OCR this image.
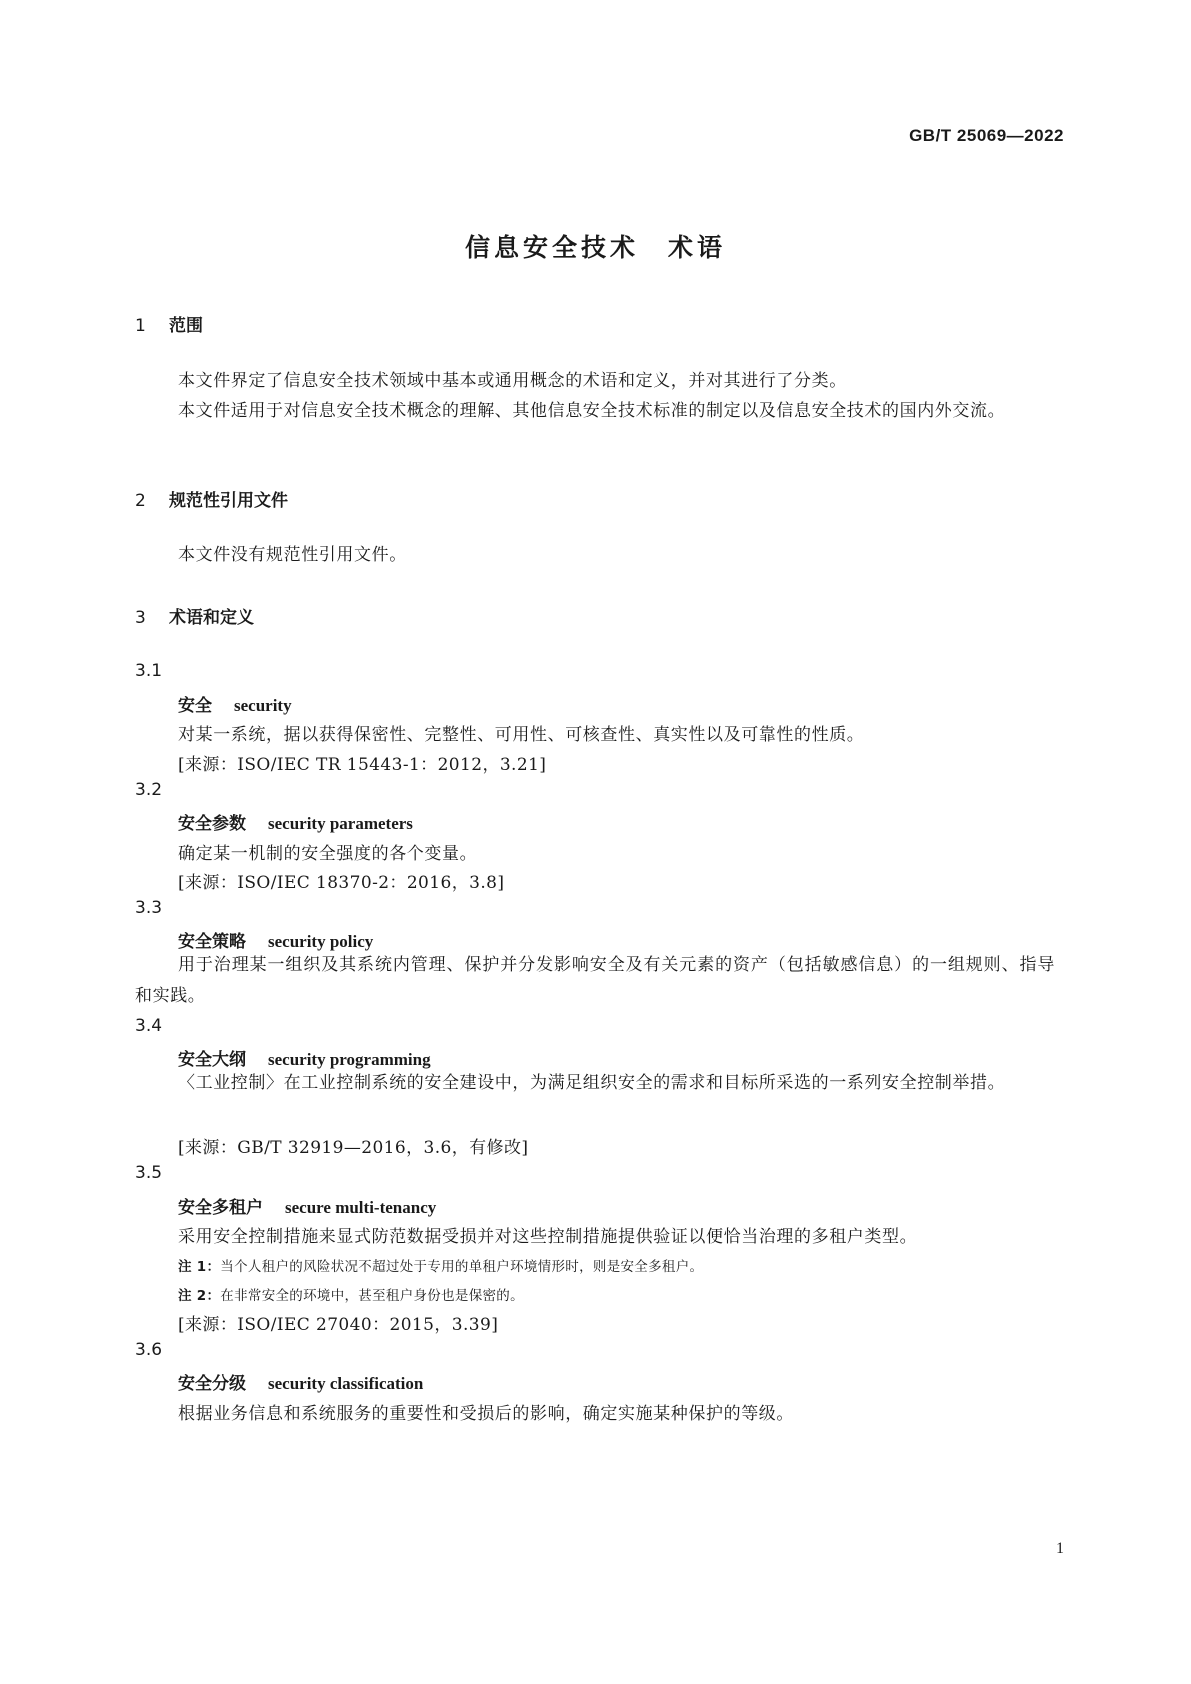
GB/T 25069—2022
信息安全技术　术语
1 范围
本文件界定了信息安全技术领域中基本或通用概念的术语和定义，并对其进行了分类。
本文件适用于对信息安全技术概念的理解、其他信息安全技术标准的制定以及信息安全技术的国内外交流。
2 规范性引用文件
本文件没有规范性引用文件。
3 术语和定义
3.1
安全 security
对某一系统，据以获得保密性、完整性、可用性、可核查性、真实性以及可靠性的性质。
[来源：ISO/IEC TR 15443-1：2012，3.21]
3.2
安全参数 security parameters
确定某一机制的安全强度的各个变量。
[来源：ISO/IEC 18370-2：2016，3.8]
3.3
安全策略 security policy
用于治理某一组织及其系统内管理、保护并分发影响安全及有关元素的资产（包括敏感信息）的一组规则、指导和实践。
3.4
安全大纲 security programming
〈工业控制〉在工业控制系统的安全建设中，为满足组织安全的需求和目标所采选的一系列安全控制举措。
[来源：GB/T 32919—2016，3.6，有修改]
3.5
安全多租户 secure multi-tenancy
采用安全控制措施来显式防范数据受损并对这些控制措施提供验证以便恰当治理的多租户类型。
注 1：当个人租户的风险状况不超过处于专用的单租户环境情形时，则是安全多租户。
注 2：在非常安全的环境中，甚至租户身份也是保密的。
[来源：ISO/IEC 27040：2015，3.39]
3.6
安全分级 security classification
根据业务信息和系统服务的重要性和受损后的影响，确定实施某种保护的等级。
1
